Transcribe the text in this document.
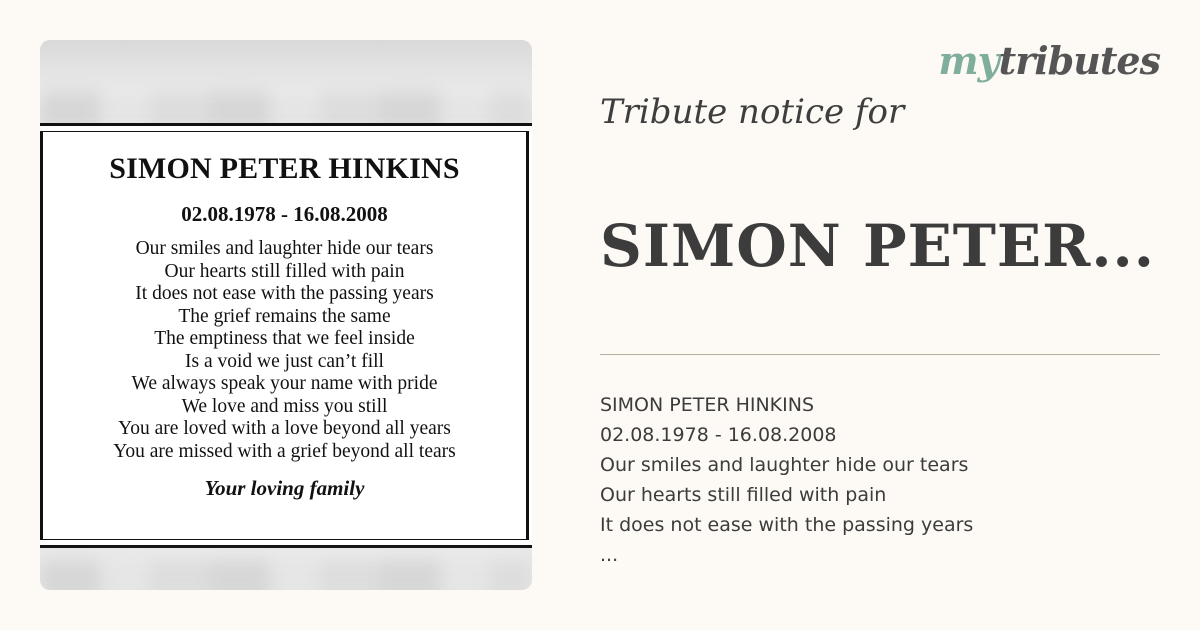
SIMON PETER HINKINS
02.08.1978 - 16.08.2008
Our smiles and laughter hide our tears
Our hearts still filled with pain
It does not ease with the passing years
The grief remains the same
The emptiness that we feel inside
Is a void we just can’t fill
We always speak your name with pride
We love and miss you still
You are loved with a love beyond all years
You are missed with a grief beyond all tears
Your loving family
mytributes
Tribute notice for
SIMON PETER...
SIMON PETER HINKINS
02.08.1978 - 16.08.2008
Our smiles and laughter hide our tears
Our hearts still filled with pain
It does not ease with the passing years
...
